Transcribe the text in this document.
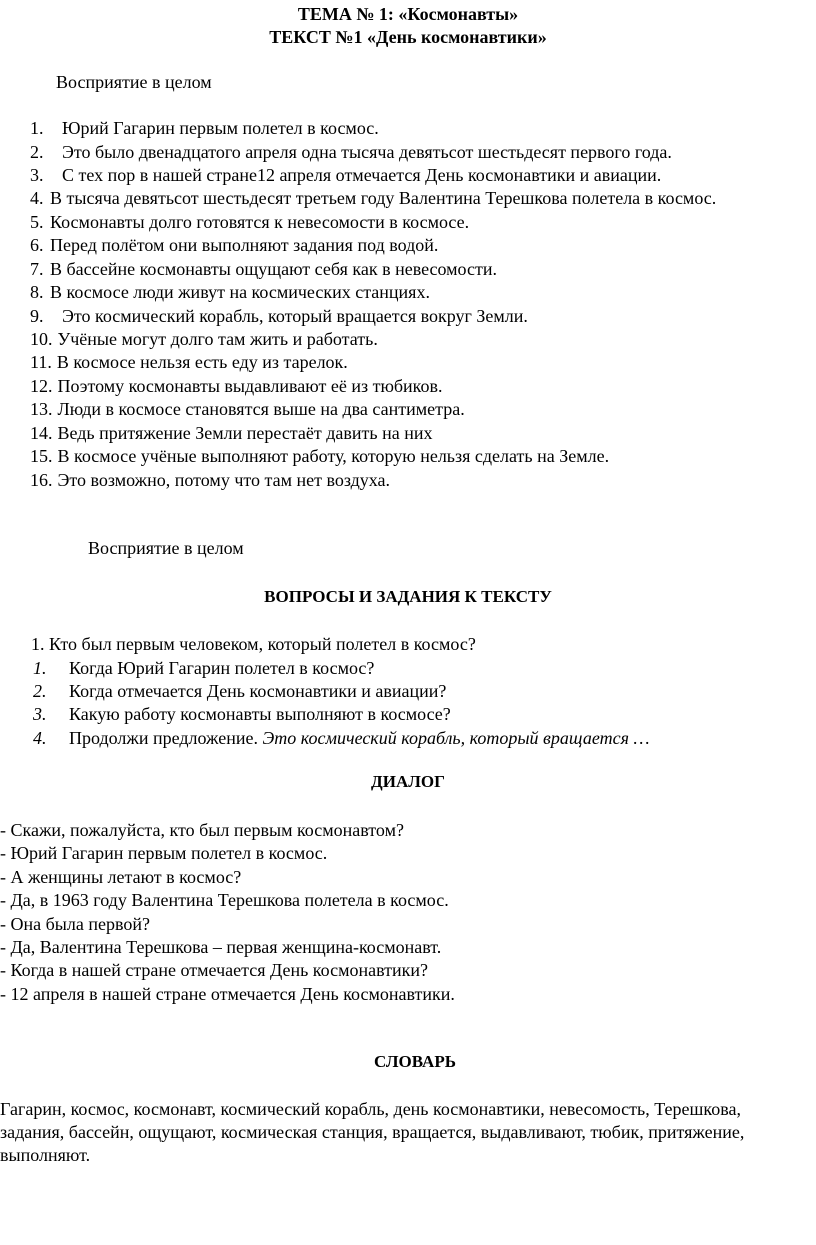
ТЕМА № 1: «Космонавты»
ТЕКСТ №1 «День космонавтики»
Восприятие в целом
1. Юрий Гагарин первым полетел в космос.
2. Это было двенадцатого апреля одна тысяча девятьсот шестьдесят первого года.
3. С тех пор в нашей стране12 апреля отмечается День космонавтики и авиации.
4. В тысяча девятьсот шестьдесят третьем году Валентина Терешкова полетела в космос.
5. Космонавты долго готовятся к невесомости в космосе.
6. Перед полётом они выполняют задания под водой.
7. В бассейне космонавты ощущают себя как в невесомости.
8. В космосе люди живут на космических станциях.
9. Это космический корабль, который вращается вокруг Земли.
10. Учёные могут долго там жить и работать.
11. В космосе нельзя есть еду из тарелок.
12. Поэтому космонавты выдавливают её из тюбиков.
13. Люди в космосе становятся выше на два сантиметра.
14. Ведь притяжение Земли перестаёт давить на них
15. В космосе учёные выполняют работу, которую нельзя сделать на Земле.
16. Это возможно, потому что там нет воздуха.
Восприятие в целом
ВОПРОСЫ И ЗАДАНИЯ К ТЕКСТУ
1. Кто был первым человеком, который полетел в космос?
1. Когда Юрий Гагарин полетел в космос?
2. Когда отмечается День космонавтики и авиации?
3. Какую работу космонавты выполняют в космосе?
4. Продолжи предложение. Это космический корабль, который вращается …
ДИАЛОГ
- Скажи, пожалуйста, кто был первым космонавтом?
- Юрий Гагарин первым полетел в космос.
- А женщины летают в космос?
- Да, в 1963 году Валентина Терешкова полетела в космос.
- Она была первой?
- Да, Валентина Терешкова – первая женщина-космонавт.
- Когда в нашей стране отмечается День космонавтики?
- 12 апреля в нашей стране отмечается День космонавтики.
СЛОВАРЬ
Гагарин, космос, космонавт, космический корабль, день космонавтики, невесомость, Терешкова, задания, бассейн, ощущают, космическая станция, вращается, выдавливают, тюбик, притяжение, выполняют.
